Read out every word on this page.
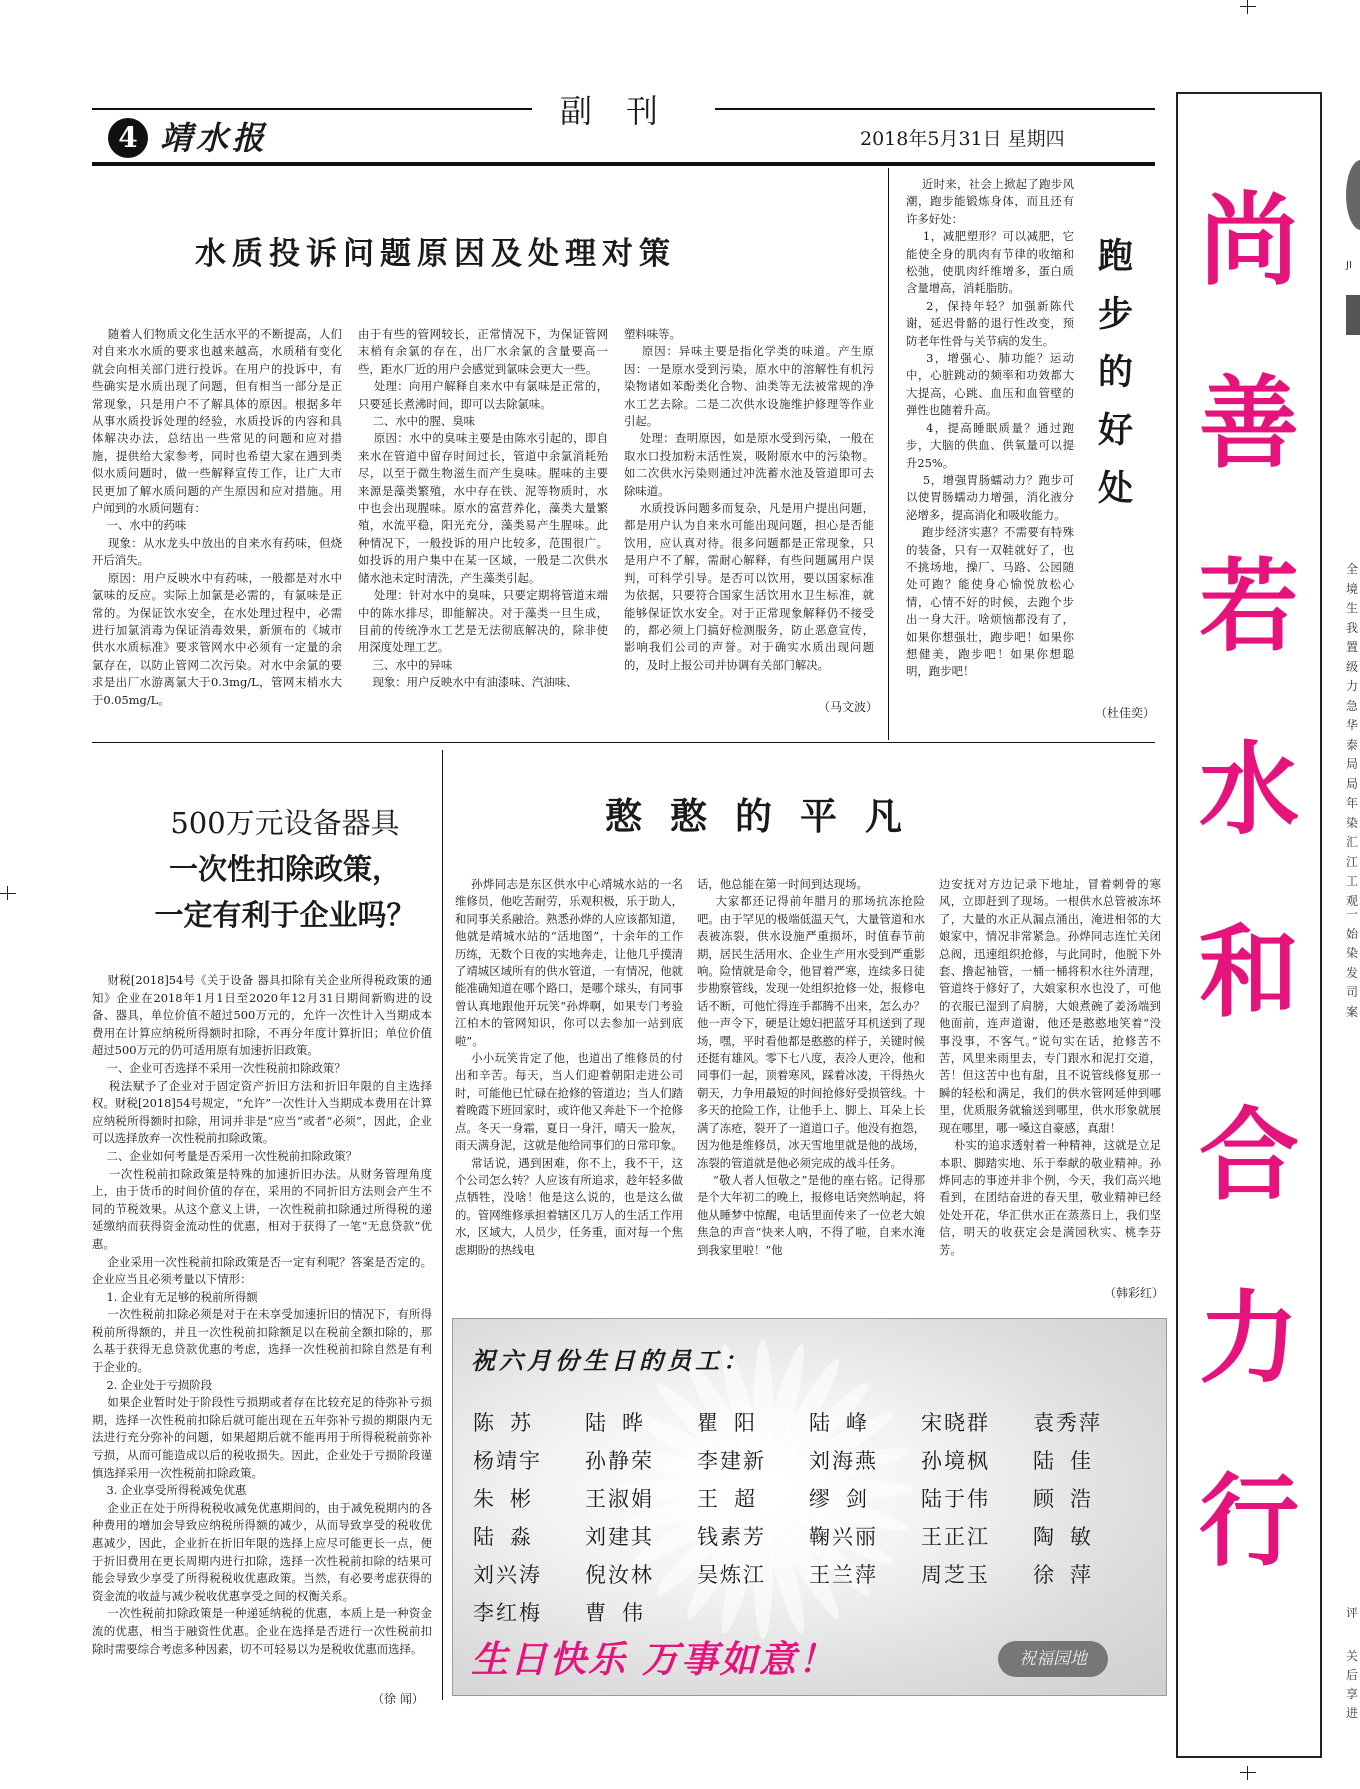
4 靖水报
副刊
2018年5月31日 星期四
水质投诉问题原因及处理对策
随着人们物质文化生活水平的不断提高，人们对自来水水质的要求也越来越高，水质稍有变化就会向相关部门进行投诉。在用户的投诉中，有些确实是水质出现了问题，但有相当一部分是正常现象，只是用户不了解具体的原因。根据多年从事水质投诉处理的经验，水质投诉的内容和具体解决办法，总结出一些常见的问题和应对措施，提供给大家参考，同时也希望大家在遇到类似水质问题时，做一些解释宣传工作，让广大市民更加了解水质问题的产生原因和应对措施。用户闻到的水质问题有：
一、水中的药味
现象：从水龙头中放出的自来水有药味，但烧开后消失。
原因：用户反映水中有药味，一般都是对水中氯味的反应。实际上加氯是必需的，有氯味是正常的。为保证饮水安全，在水处理过程中，必需进行加氯消毒为保证消毒效果，新颁布的《城市供水水质标准》要求管网水中必须有一定量的余氯存在，以防止管网二次污染。对水中余氯的要求是出厂水游离氯大于0.3mg/L，管网末梢水大于0.05mg/L。
由于有些的管网较长，正常情况下，为保证管网末梢有余氯的存在，出厂水余氯的含量要高一些，距水厂近的用户会感觉到氯味会更大一些。
处理：向用户解释自来水中有氯味是正常的，只要延长煮沸时间，即可以去除氯味。
二、水中的腥、臭味
原因：水中的臭味主要是由陈水引起的，即自来水在管道中留存时间过长，管道中余氯消耗殆尽，以至于微生物滋生而产生臭味。腥味的主要来源是藻类繁殖，水中存在铁、泥等物质时，水中也会出现腥味。原水的富营养化，藻类大量繁殖，水流平稳，阳光充分，藻类易产生腥味。此种情况下，一般投诉的用户比较多，范围很广。如投诉的用户集中在某一区域，一般是二次供水储水池未定时清洗，产生藻类引起。
处理：针对水中的臭味，只要定期将管道末端中的陈水排尽，即能解决。对于藻类一旦生成，目前的传统净水工艺是无法彻底解决的，除非使用深度处理工艺。
三、水中的异味
现象：用户反映水中有油漆味、汽油味、
塑料味等。
原因：异味主要是指化学类的味道。产生原因：一是原水受到污染，原水中的溶解性有机污染物诸如苯酚类化合物、油类等无法被常规的净水工艺去除。二是二次供水设施维护修理等作业引起。
处理：查明原因，如是原水受到污染，一般在取水口投加粉末活性炭，吸附原水中的污染物。如二次供水污染则通过冲洗蓄水池及管道即可去除味道。
水质投诉问题多而复杂，凡是用户提出问题，都是用户认为自来水可能出现问题，担心是否能饮用，应认真对待。很多问题都是正常现象，只是用户不了解，需耐心解释，有些问题属用户误判，可科学引导。是否可以饮用，要以国家标准为依据，只要符合国家生活饮用水卫生标准，就能够保证饮水安全。对于正常现象解释仍不接受的，都必须上门搞好检测服务，防止恶意宣传，影响我们公司的声誉。对于确实水质出现问题的，及时上报公司并协调有关部门解决。
（马文波）
跑步的好处
近时来，社会上掀起了跑步风潮，跑步能锻炼身体，而且还有许多好处：
1，减肥塑形？可以减肥，它能使全身的肌肉有节律的收缩和松弛，使肌肉纤维增多，蛋白质含量增高，消耗脂肪。
2，保持年轻？加强新陈代谢，延迟骨骼的退行性改变，预防老年性骨与关节病的发生。
3，增强心、肺功能？运动中，心脏跳动的频率和功效都大大提高，心跳、血压和血管壁的弹性也随着升高。
4，提高睡眠质量？通过跑步，大脑的供血、供氧量可以提升25%。
5，增强胃肠蠕动力？跑步可以使胃肠蠕动力增强，消化液分泌增多，提高消化和吸收能力。
跑步经济实惠？不需要有特殊的装备，只有一双鞋就好了，也不挑场地，操厂、马路、公园随处可跑？能使身心愉悦放松心情，心情不好的时候，去跑个步出一身大汗。啥烦恼都没有了，如果你想强壮，跑步吧！如果你想健美，跑步吧！如果你想聪明，跑步吧！
（杜佳奕）
500万元设备器具
一次性扣除政策，
一定有利于企业吗？
财税[2018]54号《关于设备 器具扣除有关企业所得税政策的通知》企业在2018年1月1日至2020年12月31日期间新购进的设备、器具，单位价值不超过500万元的，允许一次性计入当期成本费用在计算应纳税所得额时扣除，不再分年度计算折旧；单位价值超过500万元的仍可适用原有加速折旧政策。
一、企业可否选择不采用一次性税前扣除政策？
税法赋予了企业对于固定资产折旧方法和折旧年限的自主选择权。财税[2018]54号规定，“允许”一次性计入当期成本费用在计算应纳税所得额时扣除，用词并非是“应当”或者“必须”，因此，企业可以选择放弃一次性税前扣除政策。
二、企业如何考量是否采用一次性税前扣除政策？
一次性税前扣除政策是特殊的加速折旧办法。从财务管理角度上，由于货币的时间价值的存在，采用的不同折旧方法则会产生不同的节税效果。从这个意义上讲，一次性税前扣除通过所得税的递延缴纳而获得资金流动性的优惠，相对于获得了一笔“无息贷款”优惠。
企业采用一次性税前扣除政策是否一定有利呢？答案是否定的。企业应当且必须考量以下情形：
1. 企业有无足够的税前所得额
一次性税前扣除必须是对于在未享受加速折旧的情况下，有所得税前所得额的，并且一次性税前扣除额足以在税前全额扣除的，那么基于获得无息贷款优惠的考虑，选择一次性税前扣除自然是有利于企业的。
2. 企业处于亏损阶段
如果企业暂时处于阶段性亏损期或者存在比较充足的待弥补亏损期，选择一次性税前扣除后就可能出现在五年弥补亏损的期限内无法进行充分弥补的问题，如果超期后就不能再用于所得税税前弥补亏损，从而可能造成以后的税收损失。因此，企业处于亏损阶段谨慎选择采用一次性税前扣除政策。
3. 企业享受所得税减免优惠
企业正在处于所得税税收减免优惠期间的，由于减免税期内的各种费用的增加会导致应纳税所得额的减少，从而导致享受的税收优惠减少，因此，企业折在折旧年限的选择上应尽可能更长一点，便于折旧费用在更长周期内进行扣除，选择一次性税前扣除的结果可能会导致少享受了所得税税收优惠政策。当然，有必要考虑获得的资金流的收益与减少税收优惠享受之间的权衡关系。
一次性税前扣除政策是一种递延纳税的优惠，本质上是一种资金流的优惠，相当于融资性优惠。企业在选择是否进行一次性税前扣除时需要综合考虑多种因素，切不可轻易以为是税收优惠而选择。
（徐 闻）
憨憨的平凡
孙烨同志是东区供水中心靖城水站的一名维修员，他吃苦耐劳，乐观积极，乐于助人，和同事关系融洽。熟悉孙烨的人应该都知道，他就是靖城水站的“活地图”，十余年的工作历练，无数个日夜的实地奔走，让他几乎摸清了靖城区域所有的供水管道，一有情况，他就能准确知道在哪个路口，是哪个球头，有同事曾认真地跟他开玩笑“孙烨啊，如果专门考验江柏木的管网知识，你可以去参加一站到底啦”。
小小玩笑肯定了他，也道出了维修员的付出和辛苦。每天，当人们迎着朝阳走进公司时，可能他已忙碌在抢修的管道边；当人们踏着晚霞下班回家时，或许他又奔赴下一个抢修点。冬天一身霜，夏日一身汗，晴天一脸灰，雨天满身泥，这就是他给同事们的日常印象。
常话说，遇到困难，你不上，我不干，这个公司怎么转？人应该有所追求，趁年轻多做点牺牲，没啥！他是这么说的，也是这么做的。管网维修承担着辖区几万人的生活工作用水，区域大，人员少，任务重，面对每一个焦虑期盼的热线电
话，他总能在第一时间到达现场。
大家都还记得前年腊月的那场抗冻抢险吧。由于罕见的极端低温天气，大量管道和水表被冻裂，供水设施严重损坏，时值春节前期，居民生活用水、企业生产用水受到严重影响。险情就是命令，他冒着严寒，连续多日徒步勘察管线，发现一处组织抢修一处，报修电话不断，可他忙得连手都腾不出来，怎么办？他一声令下，硬是让媳妇把蓝牙耳机送到了现场，嘿，平时看他都是憨憨的样子，关键时候还挺有雄风。零下七八度，表冷人更冷，他和同事们一起，顶着寒风，踩着冰凌，干得热火朝天，力争用最短的时间抢修好受损管线。十多天的抢险工作，让他手上、脚上、耳朵上长满了冻疮，裂开了一道道口子。他没有抱怨，因为他是维修员，冰天雪地里就是他的战场，冻裂的管道就是他必须完成的战斗任务。
“敬人者人恒敬之”是他的座右铭。记得那是个大年初二的晚上，报修电话突然响起，将他从睡梦中惊醒，电话里面传来了一位老大娘焦急的声音“快来人吶，不得了啦，自来水淹到我家里啦！”他
边安抚对方边记录下地址，冒着刺骨的寒风，立即赶到了现场。一根供水总管被冻坏了，大量的水正从漏点涌出，淹进相邻的大娘家中，情况非常紧急。孙烨同志连忙关闭总阀，迅速组织抢修，与此同时，他脱下外套、撸起袖管，一桶一桶将积水往外清理，管道终于修好了，大娘家积水也没了，可他的衣服已湿到了肩膀，大娘煮碗了姜汤端到他面前，连声道谢，他还是憨憨地笑着“没事没事，不客气。”说句实在话，抢修苦不苦，风里来雨里去，专门跟水和泥打交道，苦！但这苦中也有甜，且不说管线修复那一瞬的轻松和满足，我们的供水管网延伸到哪里，优质服务就输送到哪里，供水形象就展现在哪里，哪一嗓这自豪感，真甜！
朴实的追求透射着一种精神，这就是立足本职、脚踏实地、乐于奉献的敬业精神。孙烨同志的事迹并非个例，今天，我们高兴地看到，在团结奋进的春天里，敬业精神已经处处开花，华汇供水正在蒸蒸日上，我们坚信，明天的收获定会是满园秋实、桃李芬芳。
（韩彩红）
祝六月份生日的员工：
陈苏 陆晔 瞿阳 陆峰 宋晓群 袁秀萍
杨靖宇 孙静荣 李建新 刘海燕 孙境枫 陆佳
朱彬 王淑娟 王超 缪剑 陆于伟 顾浩
陆淼 刘建其 钱素芳 鞠兴丽 王正江 陶敏
刘兴涛 倪汝林 吴炼江 王兰萍 周芝玉 徐萍
李红梅 曹伟
生日快乐 万事如意！	祝福园地
尚
善
若
水
和
合
力
行
全
境
生
我
置
级
力
急
华
泰
局
局
年
染
汇
江
工
观
一
始
染
发
司
案
评
关
后
享
进
JI
